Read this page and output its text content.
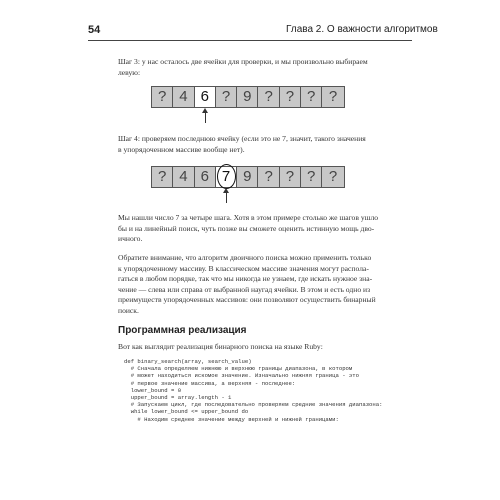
54	Глава 2. О важности алгоритмов
Шаг 3: у нас осталось две ячейки для проверки, и мы произвольно выбираем
левую:
? 4 6 ? 9 ? ? ? ?
Шаг 4: проверяем последнюю ячейку (если это не 7, значит, такого значения
в упорядоченном массиве вообще нет).
? 4 6 7 9 ? ? ? ?
Мы нашли число 7 за четыре шага. Хотя в этом примере столько же шагов ушло
бы и на линейный поиск, чуть позже вы сможете оценить истинную мощь дво-
ичного.
Обратите внимание, что алгоритм двоичного поиска можно применить только
к упорядоченному массиву. В классическом массиве значения могут распола-
гаться в любом порядке, так что мы никогда не узнаем, где искать нужное зна-
чение — слева или справа от выбранной наугад ячейки. В этом и есть одно из
преимуществ упорядоченных массивов: они позволяют осуществить бинарный
поиск.
Программная реализация
Вот как выглядит реализация бинарного поиска на языке Ruby:
def binary_search(array, search_value)
# Сначала определяем нижнюю и верхнюю границы диапазона, в котором
# может находиться искомое значение. Изначально нижняя граница - это
# первое значение массива, а верхняя - последнее:
lower_bound = 0
upper_bound = array.length - 1
# Запускаем цикл, где последовательно проверяем средние значения диапазона:
while lower_bound <= upper_bound do
# Находим среднее значение между верхней и нижней границами:
